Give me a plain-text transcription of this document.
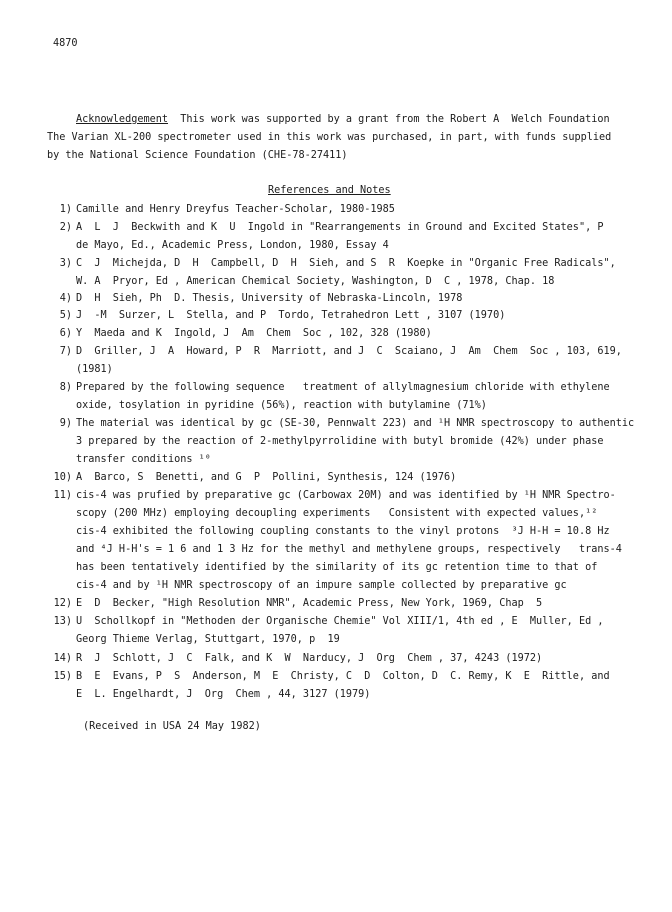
4870
Acknowledgement  This work was supported by a grant from the Robert A  Welch Foundation
The Varian XL-200 spectrometer used in this work was purchased, in part, with funds supplied
by the National Science Foundation (CHE-78-27411)
References and Notes
1) Camille and Henry Dreyfus Teacher-Scholar, 1980-1985
2) A  L  J  Beckwith and K  U  Ingold in "Rearrangements in Ground and Excited States", P
de Mayo, Ed., Academic Press, London, 1980, Essay 4
3) C  J  Michejda, D  H  Campbell, D  H  Sieh, and S  R  Koepke in "Organic Free Radicals",
W. A  Pryor, Ed , American Chemical Society, Washington, D  C , 1978, Chap. 18
4) D  H  Sieh, Ph  D. Thesis, University of Nebraska-Lincoln, 1978
5) J  -M  Surzer, L  Stella, and P  Tordo, Tetrahedron Lett , 3107 (1970)
6) Y  Maeda and K  Ingold, J  Am  Chem  Soc , 102, 328 (1980)
7) D  Griller, J  A  Howard, P  R  Marriott, and J  C  Scaiano, J  Am  Chem  Soc , 103, 619,
(1981)
8) Prepared by the following sequence   treatment of allylmagnesium chloride with ethylene
oxide, tosylation in pyridine (56%), reaction with butylamine (71%)
9) The material was identical by gc (SE-30, Pennwalt 223) and ¹H NMR spectroscopy to authentic
3 prepared by the reaction of 2-methylpyrrolidine with butyl bromide (42%) under phase
transfer conditions ¹⁰
10) A  Barco, S  Benetti, and G  P  Pollini, Synthesis, 124 (1976)
11) cis-4 was prufied by preparative gc (Carbowax 20M) and was identified by ¹H NMR Spectro-
scopy (200 MHz) employing decoupling experiments   Consistent with expected values,¹²
cis-4 exhibited the following coupling constants to the vinyl protons  ³J H-H = 10.8 Hz
and ⁴J H-H's = 1 6 and 1 3 Hz for the methyl and methylene groups, respectively   trans-4
has been tentatively identified by the similarity of its gc retention time to that of
cis-4 and by ¹H NMR spectroscopy of an impure sample collected by preparative gc
12) E  D  Becker, "High Resolution NMR", Academic Press, New York, 1969, Chap  5
13) U  Schollkopf in "Methoden der Organische Chemie" Vol XIII/1, 4th ed , E  Muller, Ed ,
Georg Thieme Verlag, Stuttgart, 1970, p  19
14) R  J  Schlott, J  C  Falk, and K  W  Narducy, J  Org  Chem , 37, 4243 (1972)
15) B  E  Evans, P  S  Anderson, M  E  Christy, C  D  Colton, D  C. Remy, K  E  Rittle, and
E  L. Engelhardt, J  Org  Chem , 44, 3127 (1979)
(Received in USA 24 May 1982)
